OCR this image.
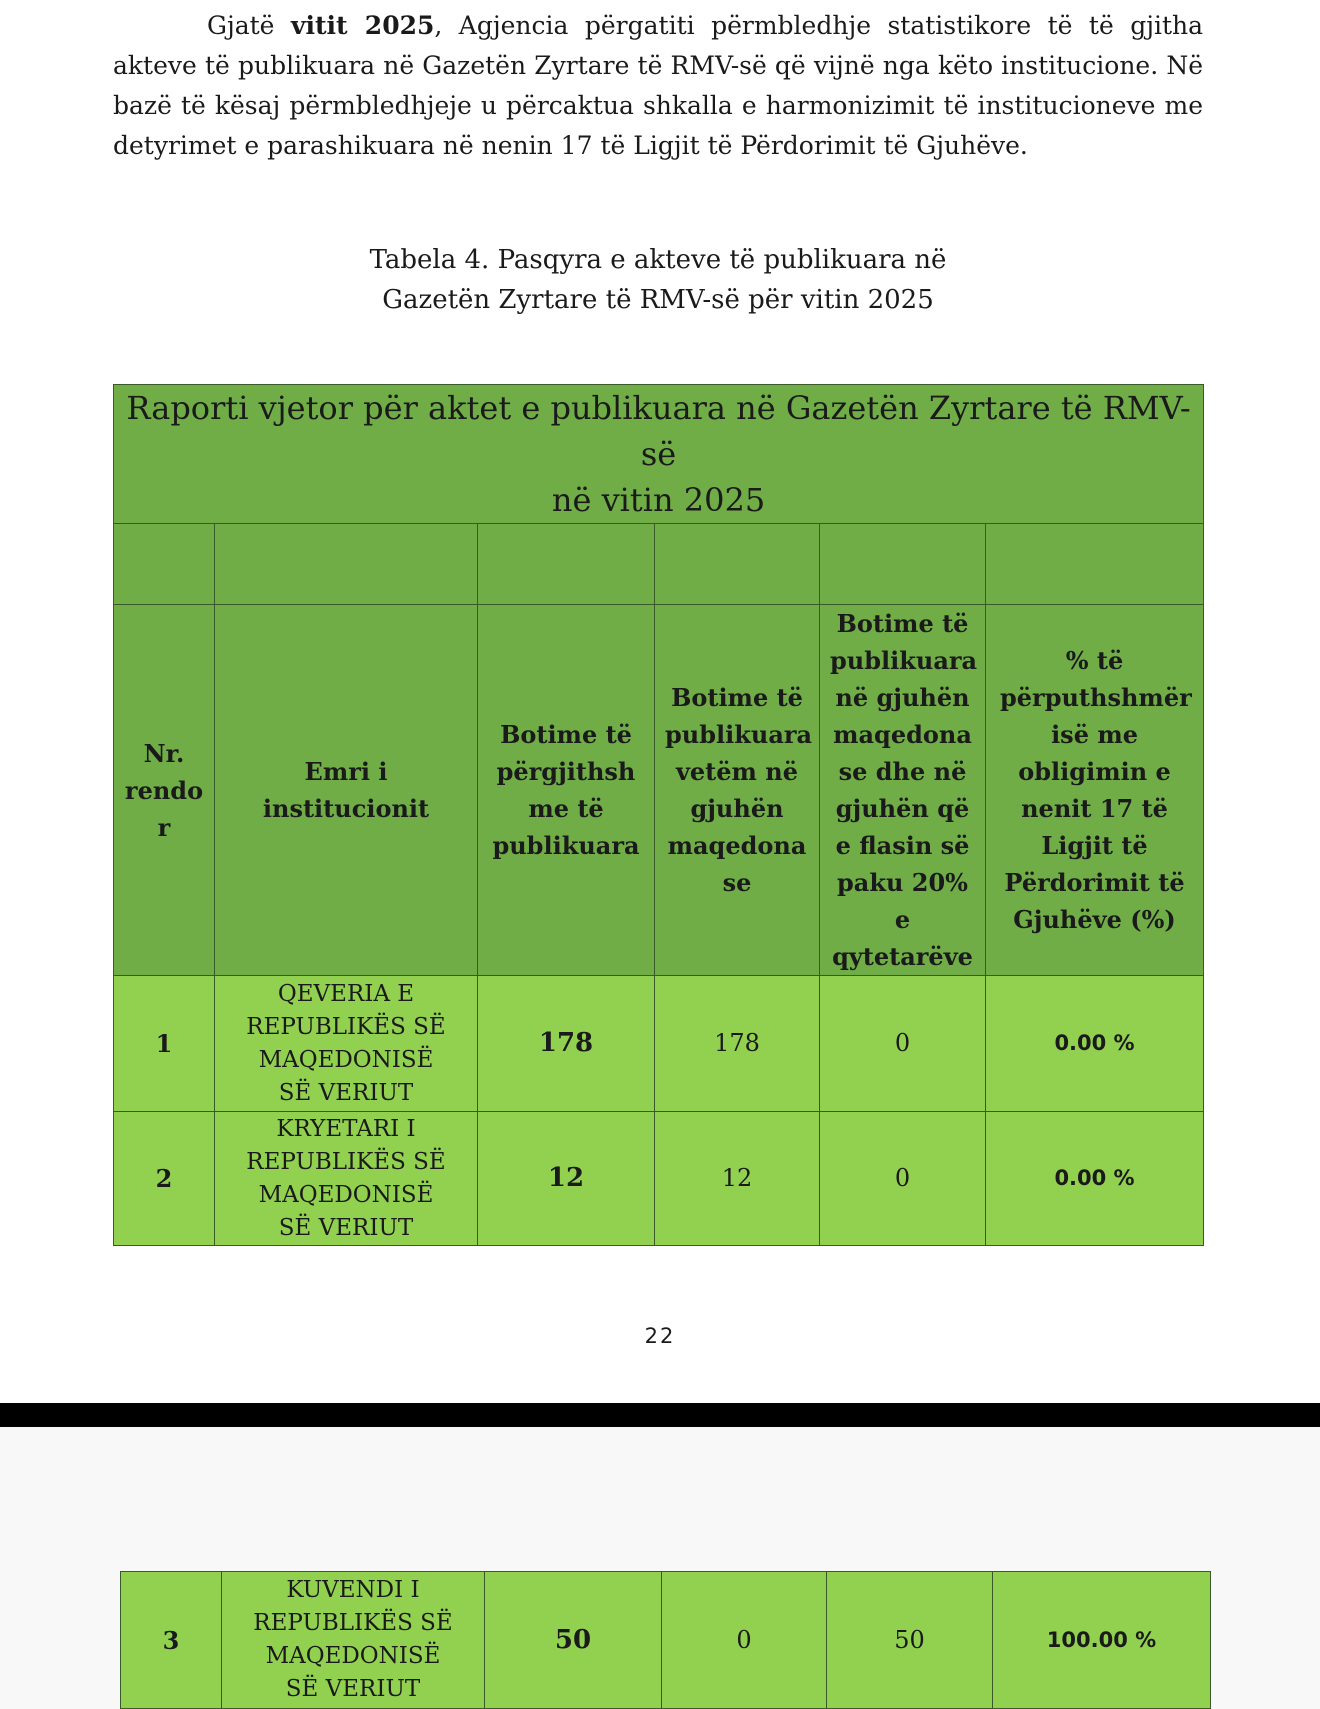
Gjatë vitit 2025, Agjencia përgatiti përmbledhje statistikore të të gjitha akteve të publikuara në Gazetën Zyrtare të RMV-së që vijnë nga këto institucione. Në bazë të kësaj përmbledhjeje u përcaktua shkalla e harmonizimit të institucioneve me detyrimet e parashikuara në nenin 17 të Ligjit të Përdorimit të Gjuhëve.

Tabela 4. Pasqyra e akteve të publikuara në
Gazetën Zyrtare të RMV-së për vitin 2025
Raporti vjetor për aktet e publikuara në Gazetën Zyrtare të RMV-së
në vitin 2025					

Nr. rendo r	Emri i institucionit	Botime të përgjithsh me të publikuara	Botime të publikuara vetëm në gjuhën maqedona se	Botime të publikuara në gjuhën maqedona se dhe në gjuhën që e flasin së paku 20% e qytetarëve	% të përputhshmër isë me obligimin e nenit 17 të Ligjit të Përdorimit të Gjuhëve (%)
1	QEVERIA E REPUBLIKËS SË MAQEDONISË SË VERIUT	178	178	0	0.00 %
2	KRYETARI I REPUBLIKËS SË MAQEDONISË SË VERIUT	12	12	0	0.00 %
22
3	KUVENDI I REPUBLIKËS SË MAQEDONISË SË VERIUT	50	0	50	100.00 %
